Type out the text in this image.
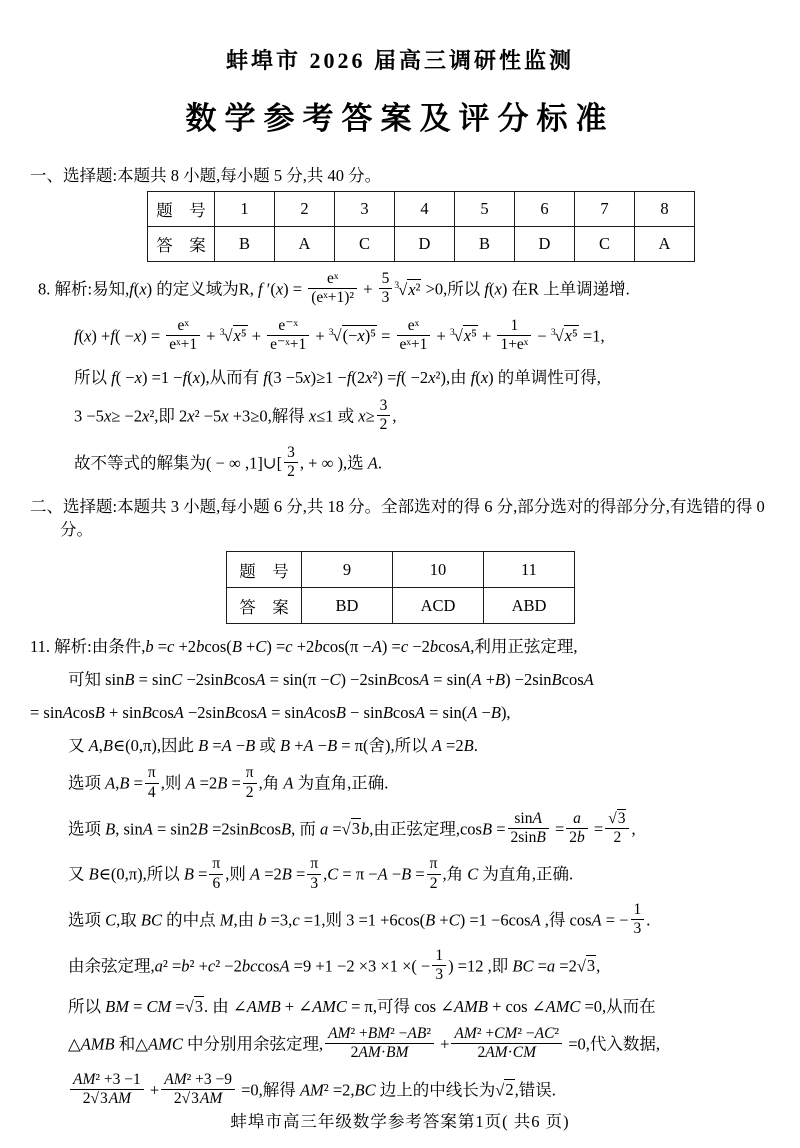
蚌埠市 2026 届高三调研性监测
数学参考答案及评分标准
一、选择题:本题共 8 小题,每小题 5 分,共 40 分。
题　号	1	2	3	4	5	6	7	8
答　案	B	A	C	D	B	D	C	A
8. 解析:易知,f(x) 的定义域为R, f $'(x) = \frac{\text{eˣ}}{\text{(eˣ+1)²}} + \frac{5}{3} ^3√x^2 >0$,所以 f(x) 在R 上单调递增.
$f(x) +f( -x) = \frac{\text{eˣ}}{\text{eˣ+1}} + ^3√x^5 + \frac{\text{e⁻ˣ}}{\text{e⁻ˣ+1}} + ^3√(-x)^5 = \frac{\text{eˣ}}{\text{eˣ+1}} + ^3√x^5 + \frac{1}{\text{1+eˣ}} - ^3√x^5 =1$,
所以 f( −x) =1 −f(x),从而有 f(3 −5x)≥1 −f(2x²) =f( −2x²),由 f(x) 的单调性可得,
3 −5x≥ −2x²,即 2x² −5x +3≥0,解得 x≤1 或 $x\ge \frac{3}{2}$ ,
故不等式的解集为( − ∞ ,1]∪[ $\frac{3}{2}$ , + ∞ ),选 A.
二、选择题:本题共 3 小题,每小题 6 分,共 18 分。全部选对的得 6 分,部分选对的得部分分,有选错的得 0 分。
题　号	9	10	11
答　案	BD	ACD	ABD
11. 解析:由条件,b =c +2bcos(B +C) =c +2bcos(π −A) =c −2bcosA,利用正弦定理,
可知 sinB = sinC −2sinBcosA = sin(π −C) −2sinBcosA = sin(A +B) −2sinBcosA
= sinAcosB + sinBcosA −2sinBcosA = sinAcosB − sinBcosA = sin(A −B),
又 A,B∈(0,π),因此 B =A −B 或 B +A −B = π(舍),所以 A =2B.
选项 $A,B = \frac{\pi}{4}$ ,则 $A =2B = \frac{\pi}{2}$ ,角 A 为直角,正确.
选项 B, sinA = sin2B =2sinBcosB, 而 a =√3b,由正弦定理$,\cos B = \frac{\sin A}{2\sin B} = \frac{a}{2b} = \frac{√3}{2}$ ,
又 B∈(0,π),所以 $B = \frac{\pi}{6}$ ,则 $A =2B = \frac{\pi}{3} ,C = \pi -A -B = \frac{\pi}{2}$ ,角 C 为直角,正确.
选项 C,取 BC 的中点 M,由 b =3,c =1,则 3 =1 +6cos(B +C) =1 −6cosA ,得 cosA = − $\frac{1}{3}$ .
由余弦定理,a² =b² +c² −2bccosA =9 +1 −2 ×3 ×1 ×( − $\frac{1}{3}$ ) =12 ,即 BC =a =2√3,
所以 BM = CM =√3. 由 ∠AMB + ∠AMC = π,可得 cos ∠AMB + cos ∠AMC =0,从而在
△AMB 和△AMC 中分别用余弦定理, $\frac{\text{AM² +BM² −AB²}}{2AM\cdot BM} + \frac{\text{AM² +CM² −AC²}}{2AM\cdot CM} =0$,代入数据,
$\frac{\text{AM² +3 −1}}{2√3AM} + \frac{\text{AM² +3 −9}}{2√3AM} =0$,解得 AM² =2,BC 边上的中线长为√2,错误.
蚌埠市高三年级数学参考答案第1页( 共6 页)
